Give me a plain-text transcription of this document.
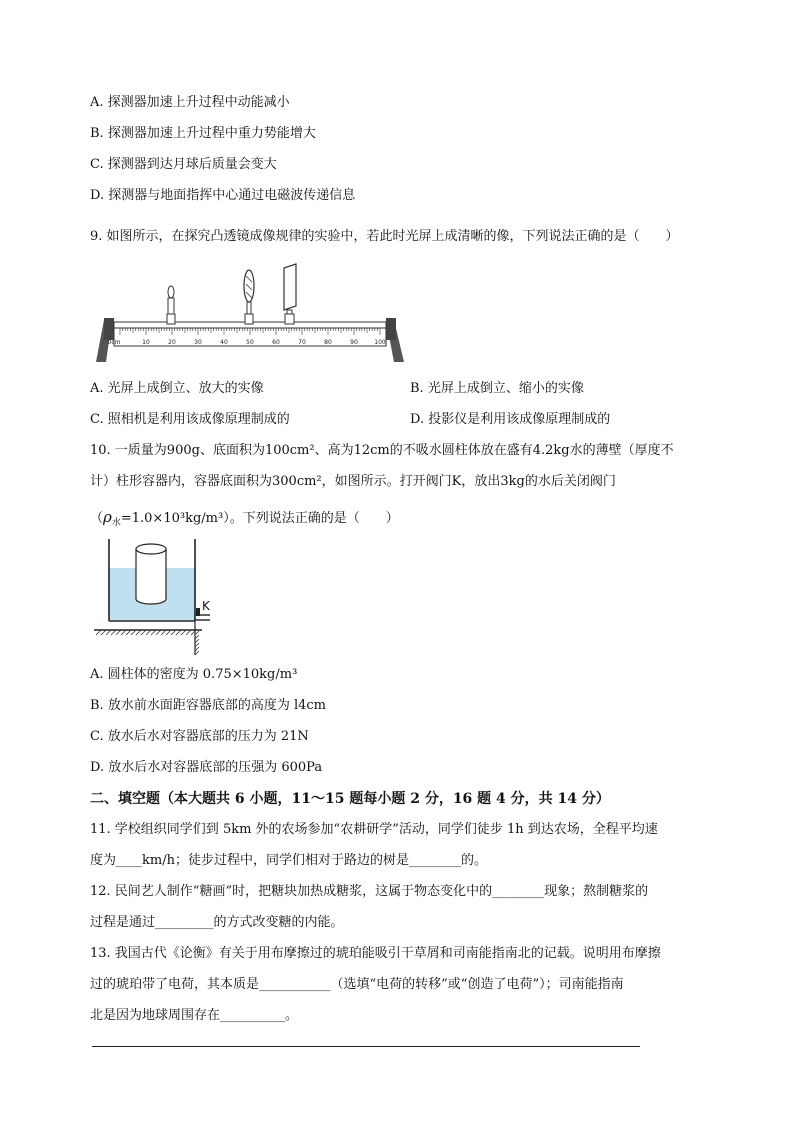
A. 探测器加速上升过程中动能减小
B. 探测器加速上升过程中重力势能增大
C. 探测器到达月球后质量会变大
D. 探测器与地面指挥中心通过电磁波传递信息
9. 如图所示，在探究凸透镜成像规律的实验中，若此时光屏上成清晰的像，下列说法正确的是（　　）
0cm	10	20	30	40	50	60	70	80	90	100
A. 光屏上成倒立、放大的实像	B. 光屏上成倒立、缩小的实像
C. 照相机是利用该成像原理制成的	D. 投影仪是利用该成像原理制成的
10. 一质量为900g、底面积为100cm²、高为12cm的不吸水圆柱体放在盛有4.2kg水的薄壁（厚度不
计）柱形容器内，容器底面积为300cm²，如图所示。打开阀门K，放出3kg的水后关闭阀门
$(\rho_水=1.0\times 10^3kg/m^3)$。下列说法正确的是（　　）
K
A. 圆柱体的密度为 0.75×10kg/m³
B. 放水前水面距容器底部的高度为 l4cm
C. 放水后水对容器底部的压力为 21N
D. 放水后水对容器底部的压强为 600Pa
二、填空题（本大题共 6 小题，11～15 题每小题 2 分，16 题 4 分，共 14 分）
11. 学校组织同学们到 5km 外的农场参加“农耕研学”活动，同学们徒步 1h 到达农场，全程平均速
度为____km/h；徒步过程中，同学们相对于路边的树是________的。
12. 民间艺人制作“糖画”时，把糖块加热成糖浆，这属于物态变化中的________现象；熬制糖浆的
过程是通过_________的方式改变糖的内能。
13. 我国古代《论衡》有关于用布摩擦过的琥珀能吸引干草屑和司南能指南北的记载。说明用布摩擦
过的琥珀带了电荷，其本质是___________（选填“电荷的转移”或“创造了电荷”）；司南能指南
北是因为地球周围存在__________。
